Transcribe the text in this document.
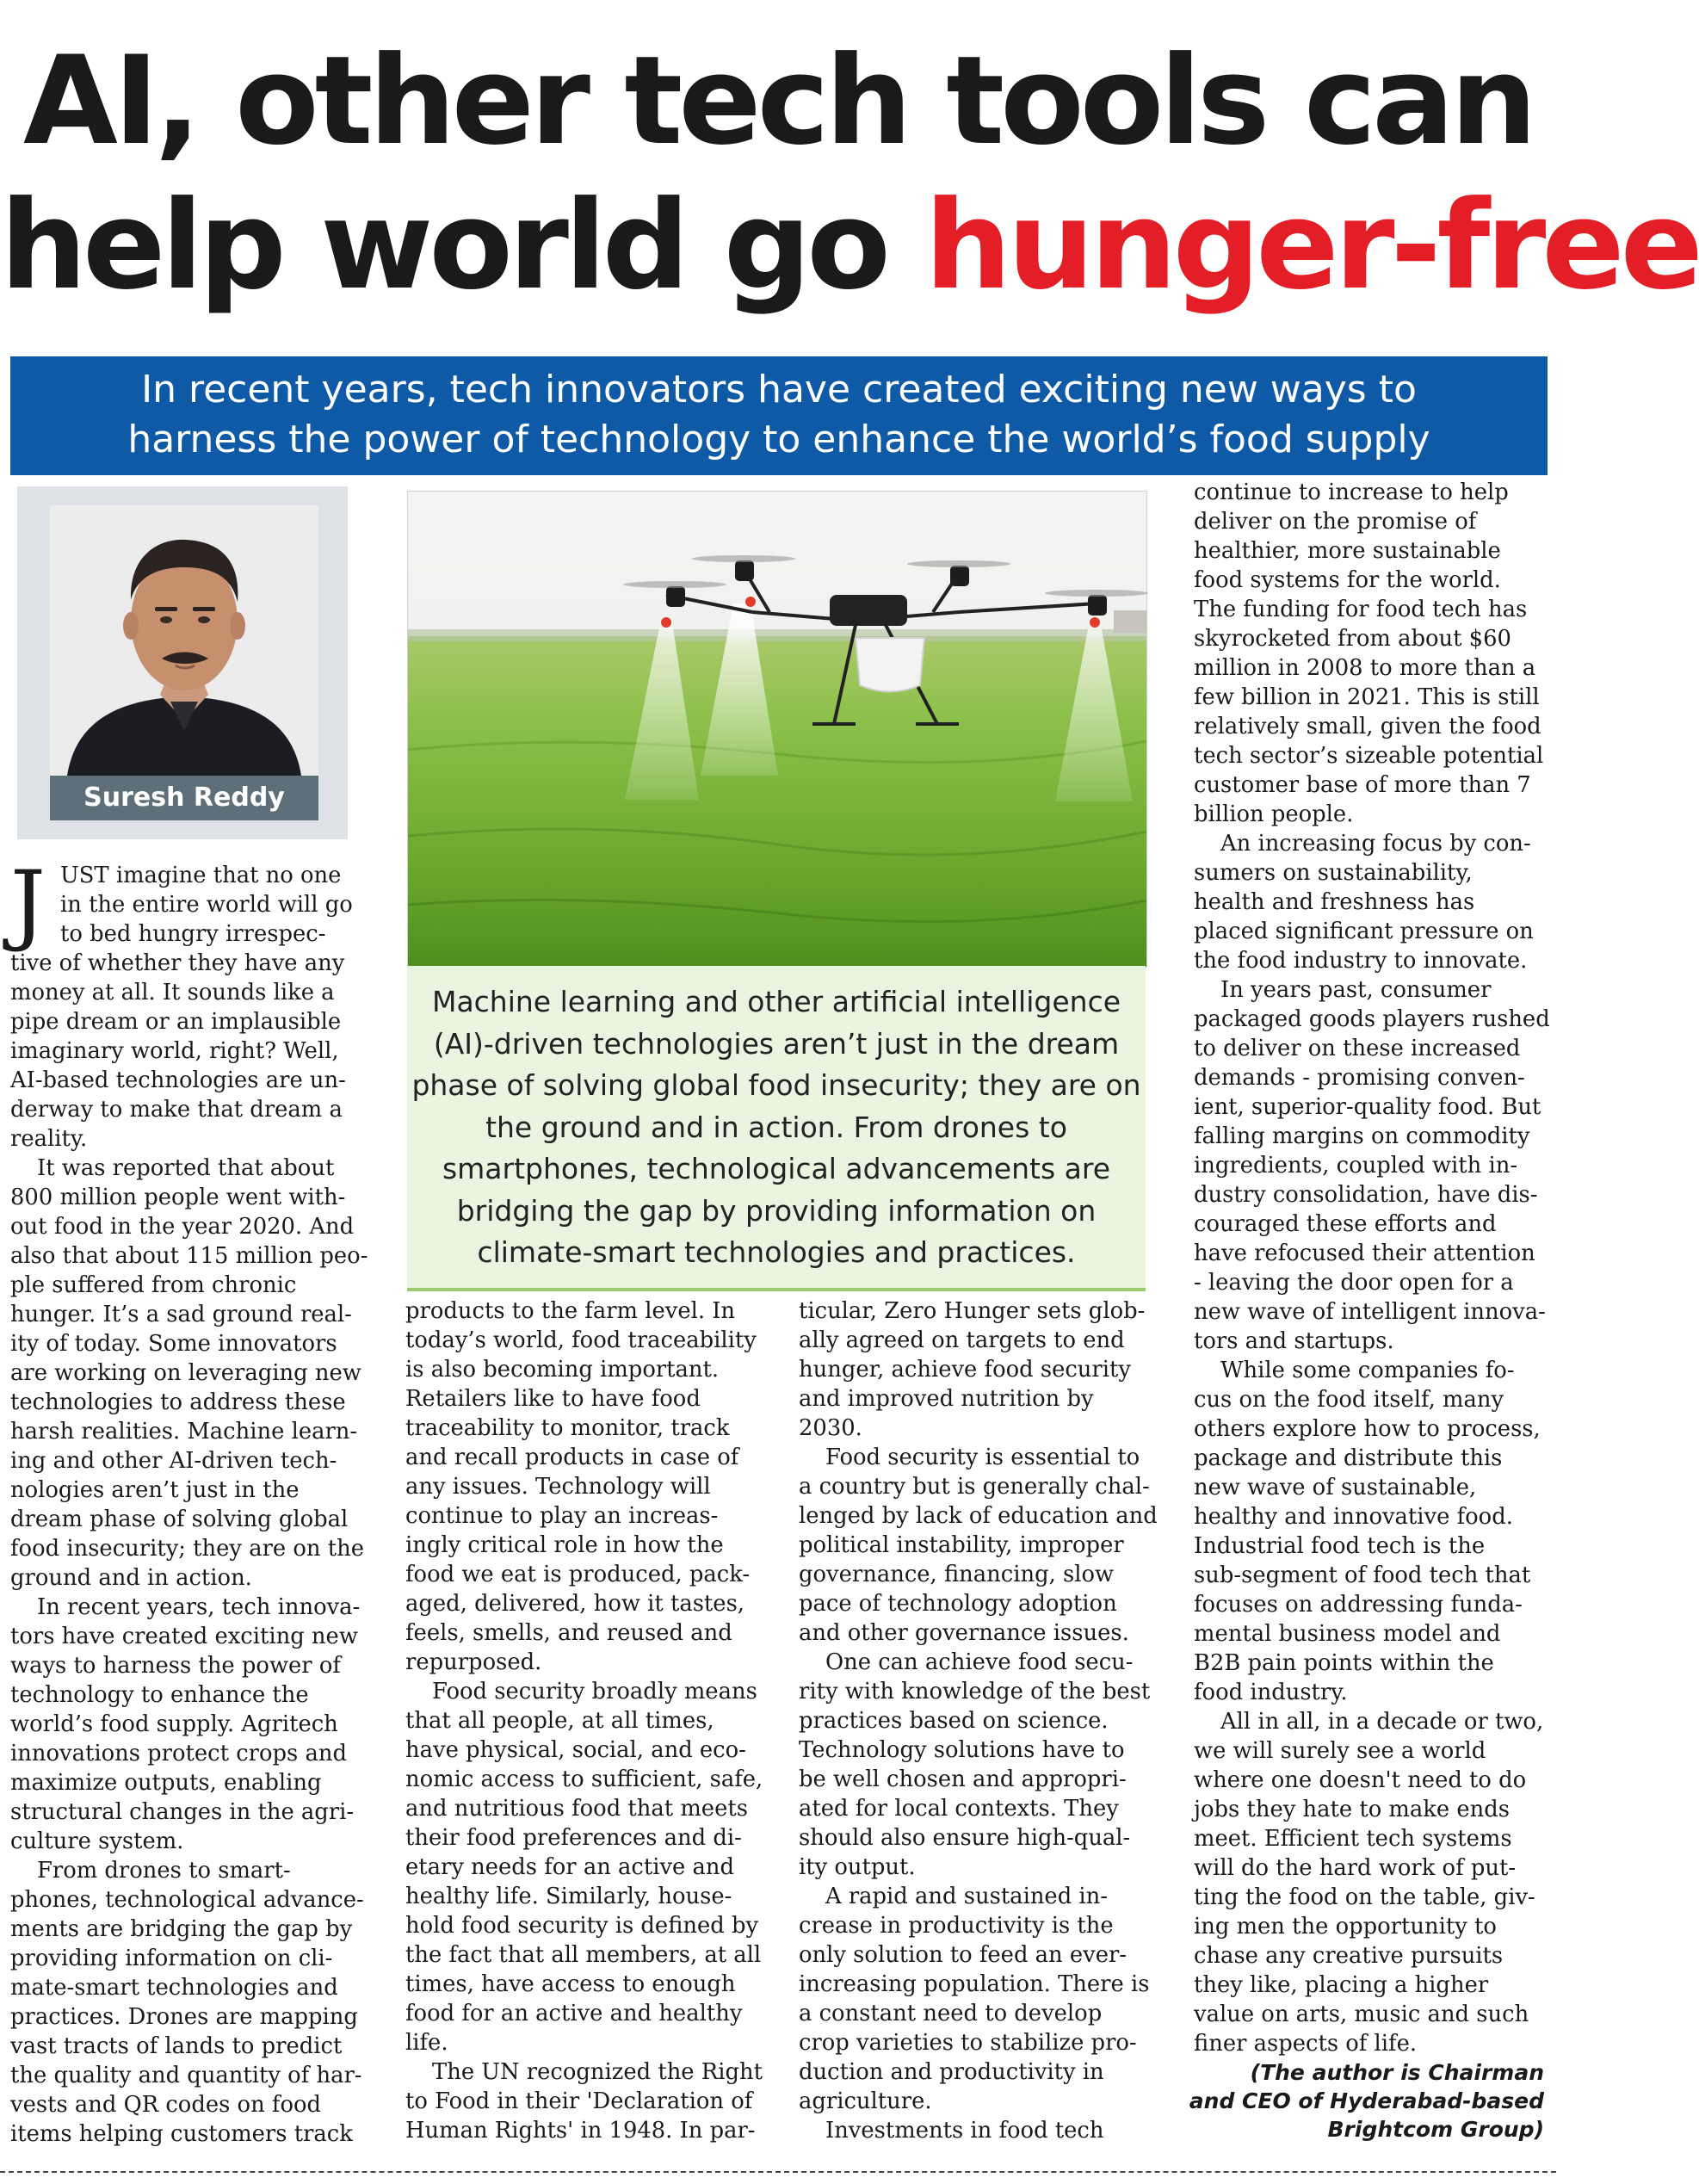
AI, other tech tools can
help world go hunger-free
In recent years, tech innovators have created exciting new ways to
harness the power of technology to enhance the world’s food supply
Suresh Reddy
Machine learning and other artificial intelligence
(AI)-driven technologies aren’t just in the dream
phase of solving global food insecurity; they are on
the ground and in action. From drones to
smartphones, technological advancements are
bridging the gap by providing information on
climate-smart technologies and practices.
J UST imagine that no one
in the entire world will go
to bed hungry irrespec-
tive of whether they have any
money at all. It sounds like a
pipe dream or an implausible
imaginary world, right? Well,
AI-based technologies are un-
derway to make that dream a
reality.
It was reported that about
800 million people went with-
out food in the year 2020. And
also that about 115 million peo-
ple suffered from chronic
hunger. It’s a sad ground real-
ity of today. Some innovators
are working on leveraging new
technologies to address these
harsh realities. Machine learn-
ing and other AI-driven tech-
nologies aren’t just in the
dream phase of solving global
food insecurity; they are on the
ground and in action.
In recent years, tech innova-
tors have created exciting new
ways to harness the power of
technology to enhance the
world’s food supply. Agritech
innovations protect crops and
maximize outputs, enabling
structural changes in the agri-
culture system.
From drones to smart-
phones, technological advance-
ments are bridging the gap by
providing information on cli-
mate-smart technologies and
practices. Drones are mapping
vast tracts of lands to predict
the quality and quantity of har-
vests and QR codes on food
items helping customers track
products to the farm level. In
today’s world, food traceability
is also becoming important.
Retailers like to have food
traceability to monitor, track
and recall products in case of
any issues. Technology will
continue to play an increas-
ingly critical role in how the
food we eat is produced, pack-
aged, delivered, how it tastes,
feels, smells, and reused and
repurposed.
Food security broadly means
that all people, at all times,
have physical, social, and eco-
nomic access to sufficient, safe,
and nutritious food that meets
their food preferences and di-
etary needs for an active and
healthy life. Similarly, house-
hold food security is defined by
the fact that all members, at all
times, have access to enough
food for an active and healthy
life.
The UN recognized the Right
to Food in their 'Declaration of
Human Rights' in 1948. In par-
ticular, Zero Hunger sets glob-
ally agreed on targets to end
hunger, achieve food security
and improved nutrition by
2030.
Food security is essential to
a country but is generally chal-
lenged by lack of education and
political instability, improper
governance, financing, slow
pace of technology adoption
and other governance issues.
One can achieve food secu-
rity with knowledge of the best
practices based on science.
Technology solutions have to
be well chosen and appropri-
ated for local contexts. They
should also ensure high-qual-
ity output.
A rapid and sustained in-
crease in productivity is the
only solution to feed an ever-
increasing population. There is
a constant need to develop
crop varieties to stabilize pro-
duction and productivity in
agriculture.
Investments in food tech
continue to increase to help
deliver on the promise of
healthier, more sustainable
food systems for the world.
The funding for food tech has
skyrocketed from about $60
million in 2008 to more than a
few billion in 2021. This is still
relatively small, given the food
tech sector’s sizeable potential
customer base of more than 7
billion people.
An increasing focus by con-
sumers on sustainability,
health and freshness has
placed significant pressure on
the food industry to innovate.
In years past, consumer
packaged goods players rushed
to deliver on these increased
demands - promising conven-
ient, superior-quality food. But
falling margins on commodity
ingredients, coupled with in-
dustry consolidation, have dis-
couraged these efforts and
have refocused their attention
- leaving the door open for a
new wave of intelligent innova-
tors and startups.
While some companies fo-
cus on the food itself, many
others explore how to process,
package and distribute this
new wave of sustainable,
healthy and innovative food.
Industrial food tech is the
sub-segment of food tech that
focuses on addressing funda-
mental business model and
B2B pain points within the
food industry.
All in all, in a decade or two,
we will surely see a world
where one doesn't need to do
jobs they hate to make ends
meet. Efficient tech systems
will do the hard work of put-
ting the food on the table, giv-
ing men the opportunity to
chase any creative pursuits
they like, placing a higher
value on arts, music and such
finer aspects of life.
(The author is Chairman
and CEO of Hyderabad-based
Brightcom Group)
